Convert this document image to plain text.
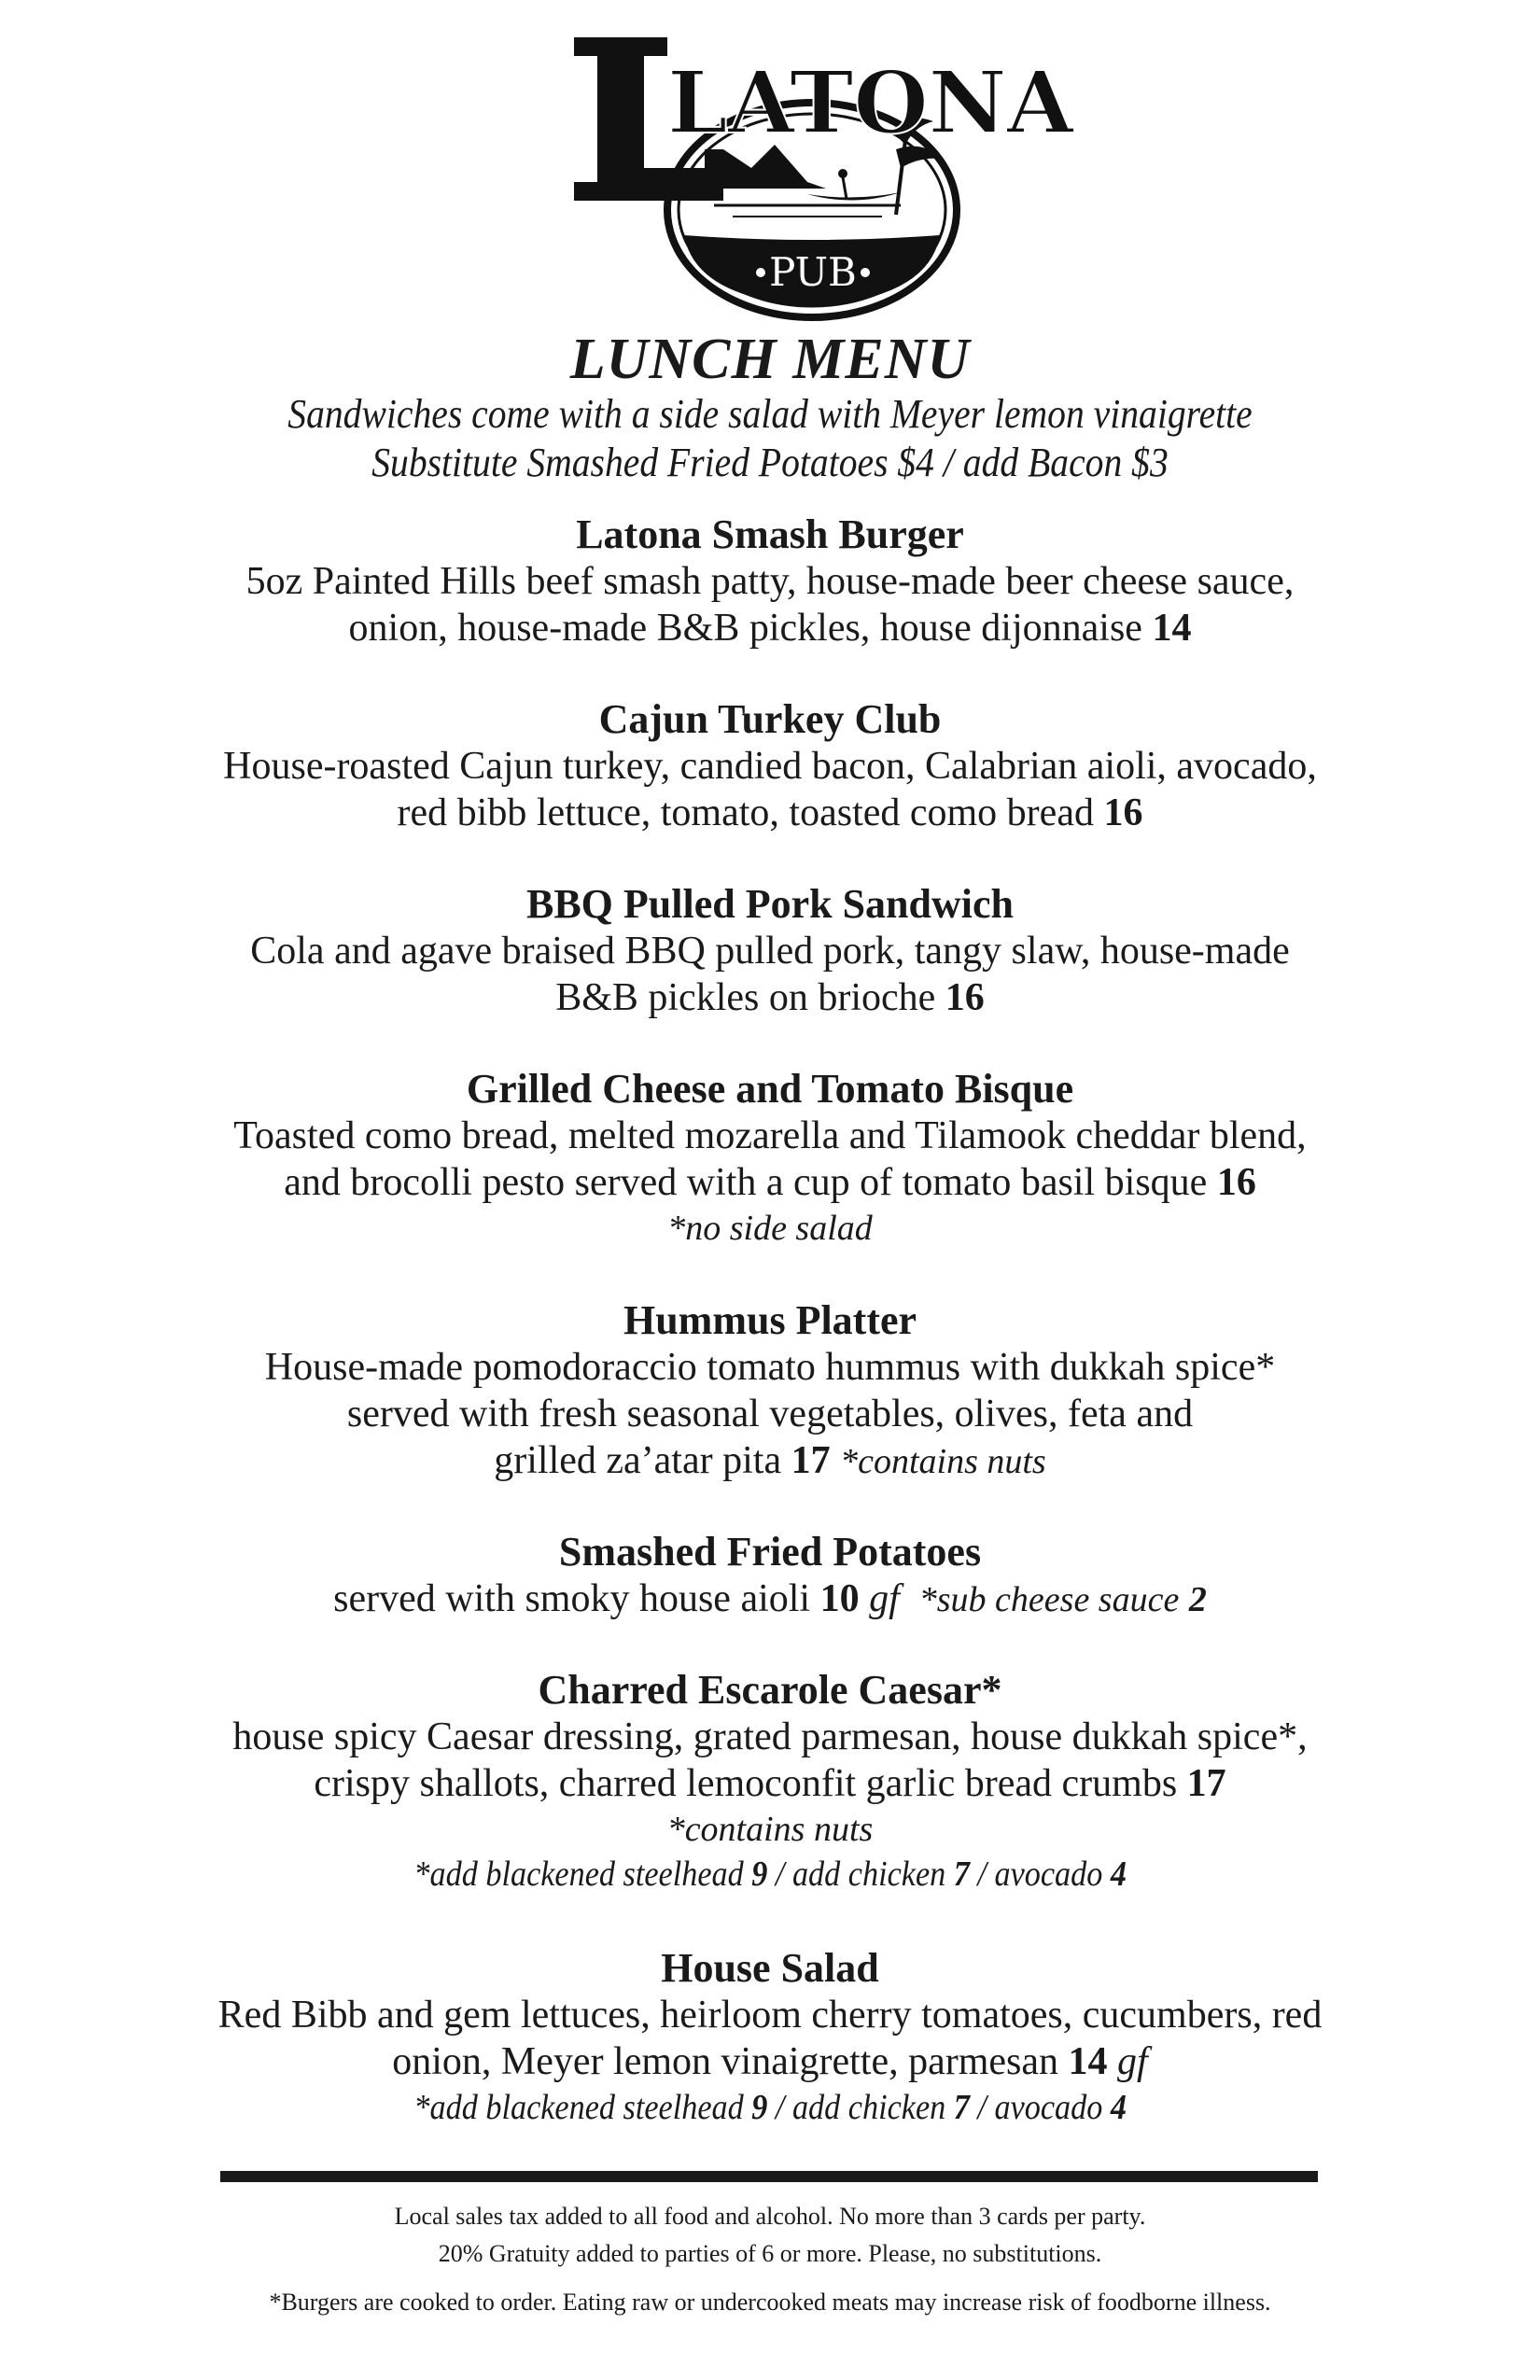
LATONA
PUB

LUNCH MENU

Sandwiches come with a side salad with Meyer lemon vinaigrette

Substitute Smashed Fried Potatoes $4 / add Bacon $3

Latona Smash Burger
5oz Painted Hills beef smash patty, house-made beer cheese sauce,
onion, house-made B&B pickles, house dijonnaise 14
Cajun Turkey Club
House-roasted Cajun turkey, candied bacon, Calabrian aioli, avocado,
red bibb lettuce, tomato, toasted como bread 16
BBQ Pulled Pork Sandwich
Cola and agave braised BBQ pulled pork, tangy slaw, house-made
B&B pickles on brioche 16
Grilled Cheese and Tomato Bisque
Toasted como bread, melted mozarella and Tilamook cheddar blend,
and brocolli pesto served with a cup of tomato basil bisque 16
*no side salad
Hummus Platter
House-made pomodoraccio tomato hummus with dukkah spice*
served with fresh seasonal vegetables, olives, feta and
grilled za’atar pita 17 *contains nuts
Smashed Fried Potatoes
served with smoky house aioli 10 gf *sub cheese sauce 2
Charred Escarole Caesar*
house spicy Caesar dressing, grated parmesan, house dukkah spice*,
crispy shallots, charred lemoconfit garlic bread crumbs 17
*contains nuts
*add blackened steelhead 9 / add chicken 7 / avocado 4
House Salad
Red Bibb and gem lettuces, heirloom cherry tomatoes, cucumbers, red
onion, Meyer lemon vinaigrette, parmesan 14 gf
*add blackened steelhead 9 / add chicken 7 / avocado 4
Local sales tax added to all food and alcohol. No more than 3 cards per party.
20% Gratuity added to parties of 6 or more. Please, no substitutions.
*Burgers are cooked to order. Eating raw or undercooked meats may increase risk of foodborne illness.
